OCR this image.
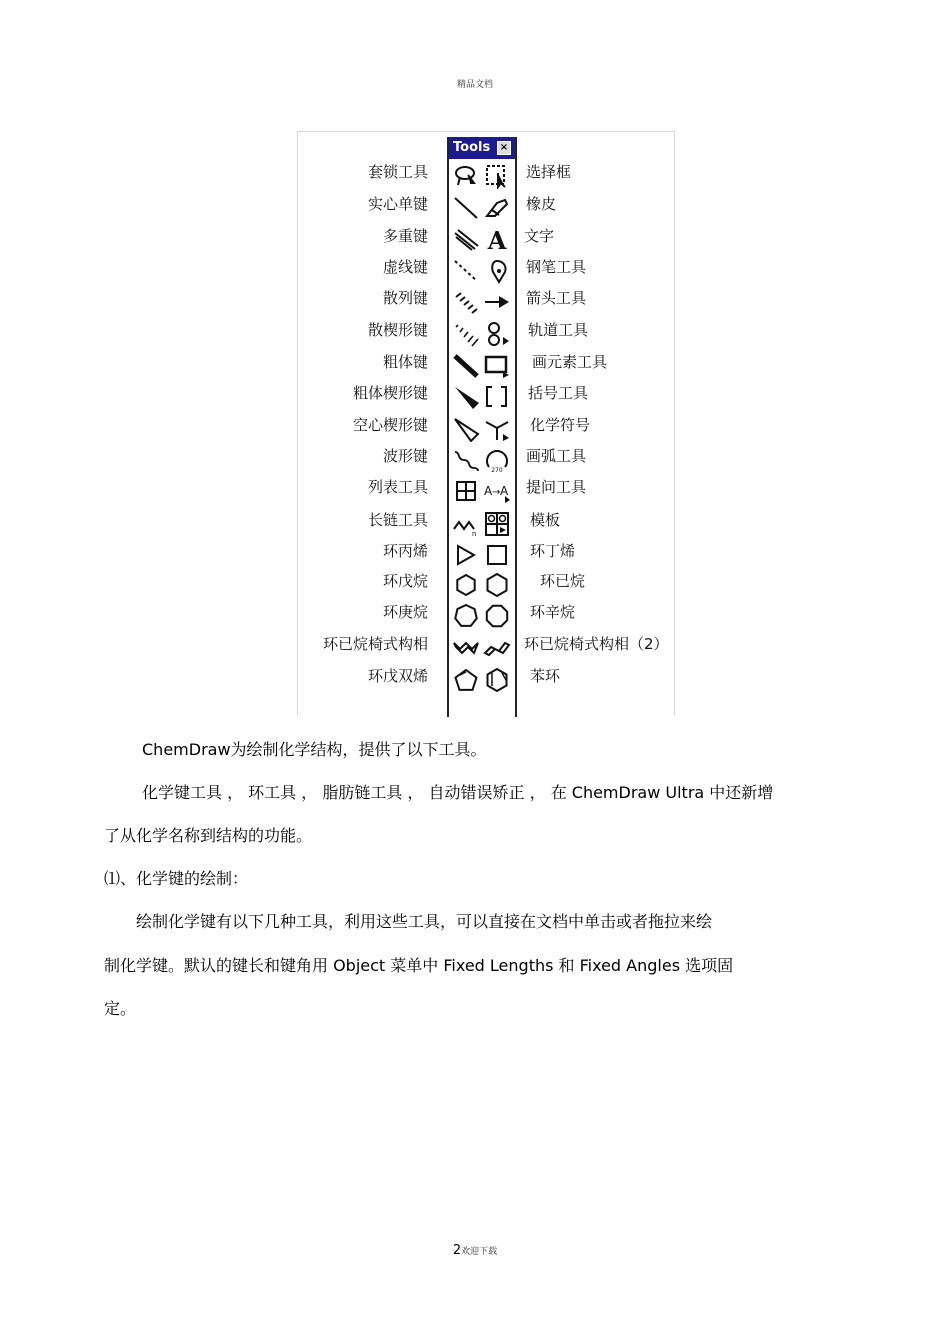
精品文档
Tools ×
n
A
270
A → A
套锁工具
实心单键
多重键
虚线键
散列键
散楔形键
粗体键
粗体楔形键
空心楔形键
波形键
列表工具
长链工具
环丙烯
环戊烷
环庚烷
环已烷椅式构相
环戊双烯
选择框
橡皮
文字
钢笔工具
箭头工具
轨道工具
画元素工具
括号工具
化学符号
画弧工具
提问工具
模板
环丁烯
环已烷
环辛烷
环已烷椅式构相（2）
苯环
ChemDraw为绘制化学结构，提供了以下工具。
化学键工具 ， 环工具 ， 脂肪链工具 ， 自动错误矫正 ， 在 ChemDraw Ultra 中还新增
了从化学名称到结构的功能。
⑴、化学键的绘制：
绘制化学键有以下几种工具，利用这些工具，可以直接在文档中单击或者拖拉来绘
制化学键。默认的键长和键角用 Object 菜单中 Fixed Lengths 和 Fixed Angles 选项固
定。
2欢迎下载
